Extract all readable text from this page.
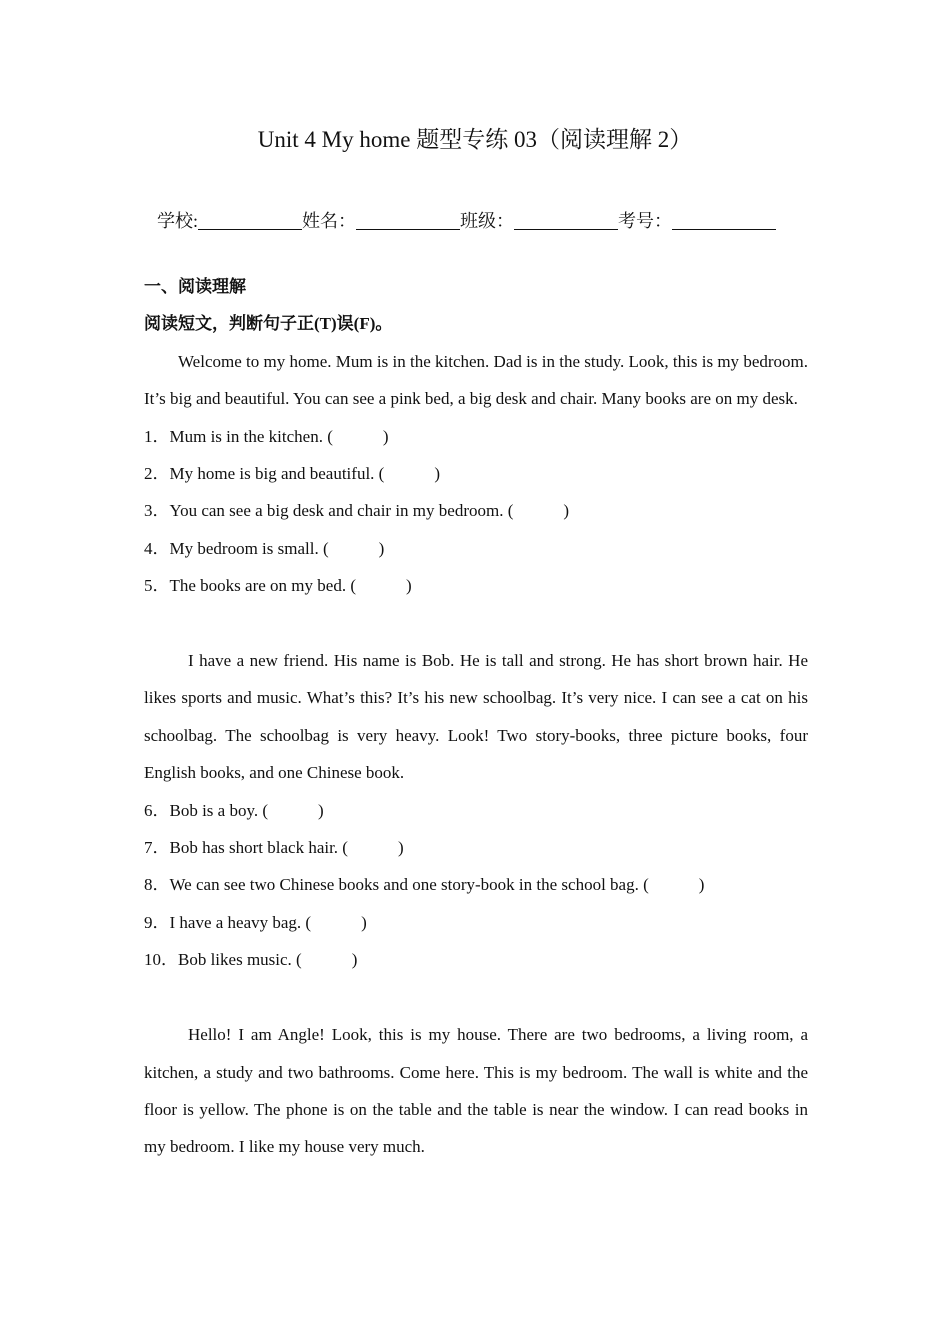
Unit 4 My home 题型专练 03（阅读理解 2）
学校:	姓名：	班级：	考号：
一、阅读理解
阅读短文，判断句子正(T)误(F)。

Welcome to my home. Mum is in the kitchen. Dad is in the study. Look, this is my bedroom. It’s big and beautiful. You can see a pink bed, a big desk and chair. Many books are on my desk.

1．Mum is in the kitchen. (	)

2．My home is big and beautiful. (	)

3．You can see a big desk and chair in my bedroom. (	)

4．My bedroom is small. (	)

5．The books are on my bed. (	)

I have a new friend. His name is Bob. He is tall and strong. He has short brown hair. He likes sports and music. What’s this? It’s his new schoolbag. It’s very nice. I can see a cat on his schoolbag. The schoolbag is very heavy. Look! Two story-books, three picture books, four English books, and one Chinese book.

6．Bob is a boy. (	)

7．Bob has short black hair. (	)

8．We can see two Chinese books and one story-book in the school bag. (	)

9．I have a heavy bag. (	)

10．Bob likes music. (	)

Hello! I am Angle! Look, this is my house. There are two bedrooms, a living room, a kitchen, a study and two bathrooms. Come here. This is my bedroom. The wall is white and the floor is yellow. The phone is on the table and the table is near the window. I can read books in my bedroom. I like my house very much.
